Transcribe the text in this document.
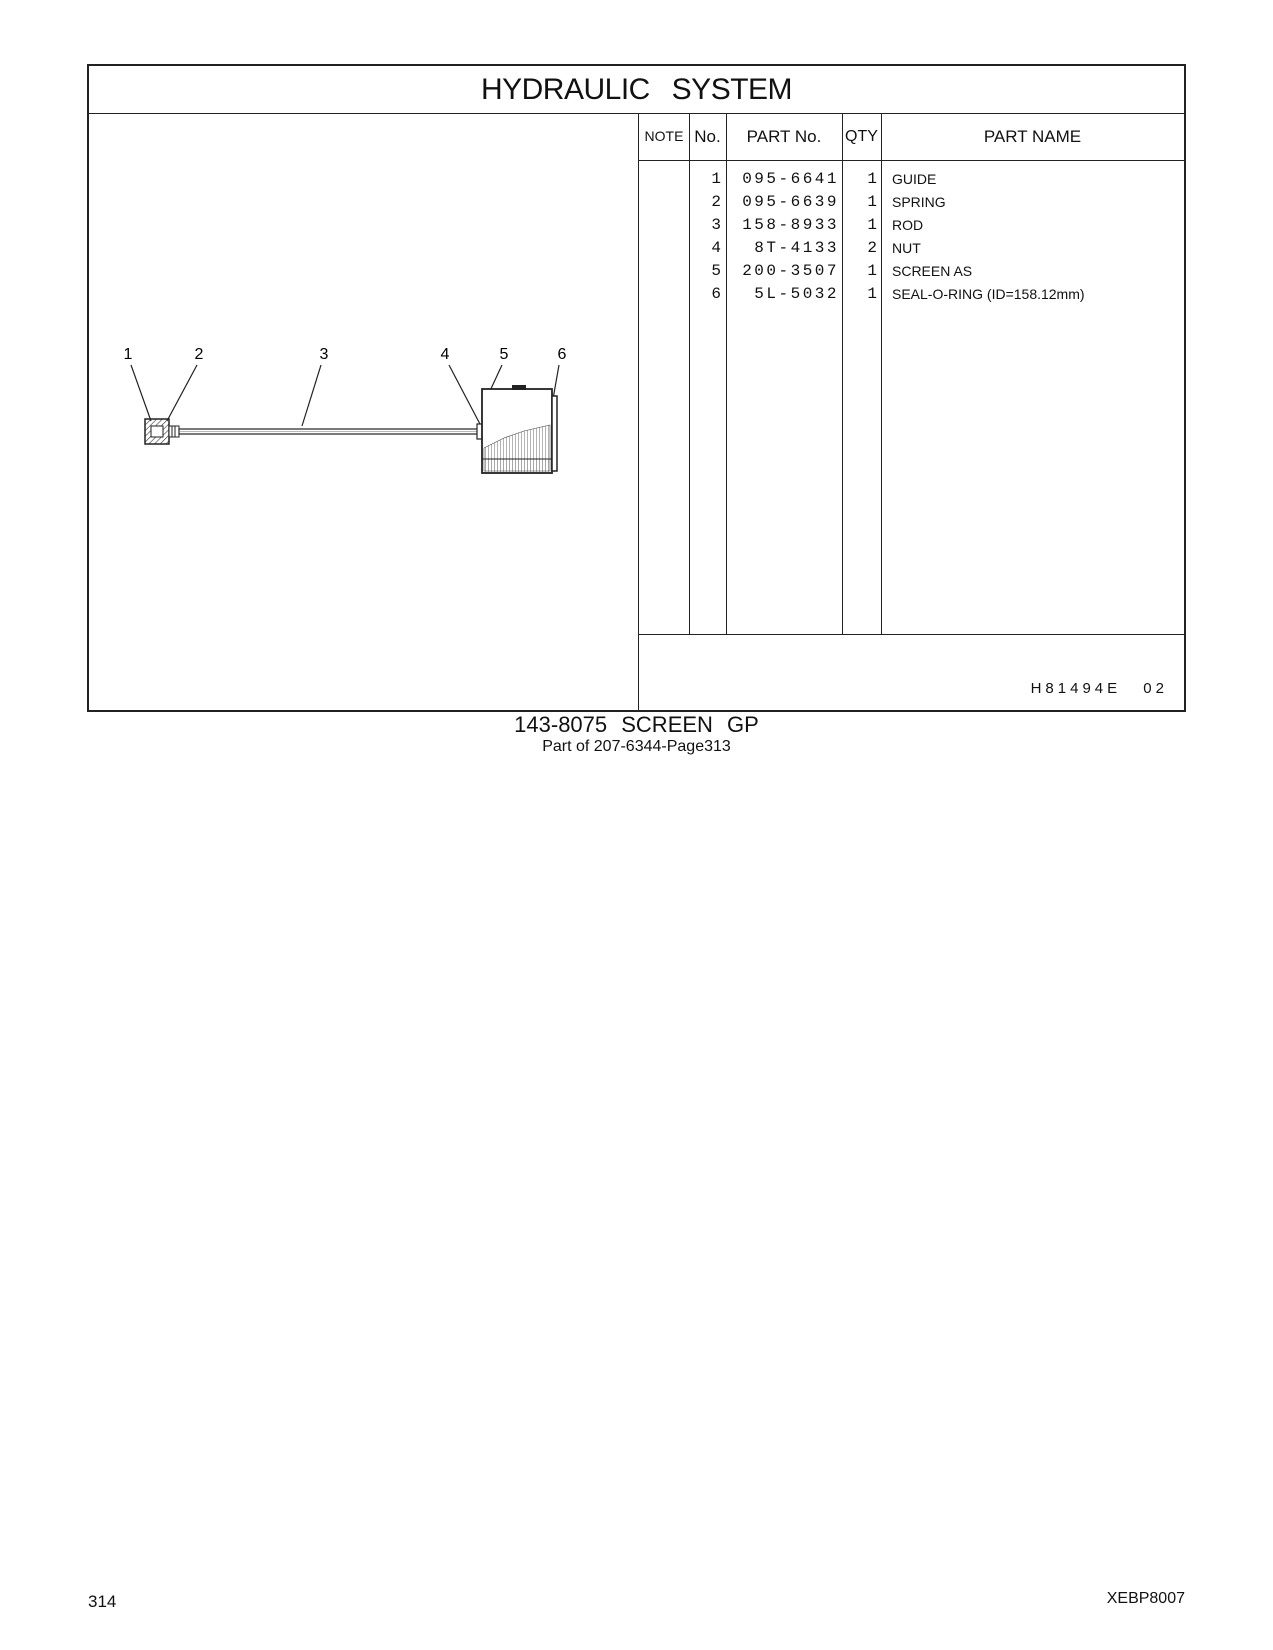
HYDRAULIC SYSTEM
1	2	3	4	5	6
NOTE No.	PART No.	QTY	PART NAME
1	095-6641	1 GUIDE
2	095-6639	1 SPRING
3	158-8933	1 ROD
4	8T-4133	2 NUT
5	200-3507	1 SCREEN AS
6	5L-5032	1 SEAL-O-RING (ID=158.12mm)
H81494E 02
143-8075 SCREEN GP
Part of 207-6344-Page313
314	XEBP8007
